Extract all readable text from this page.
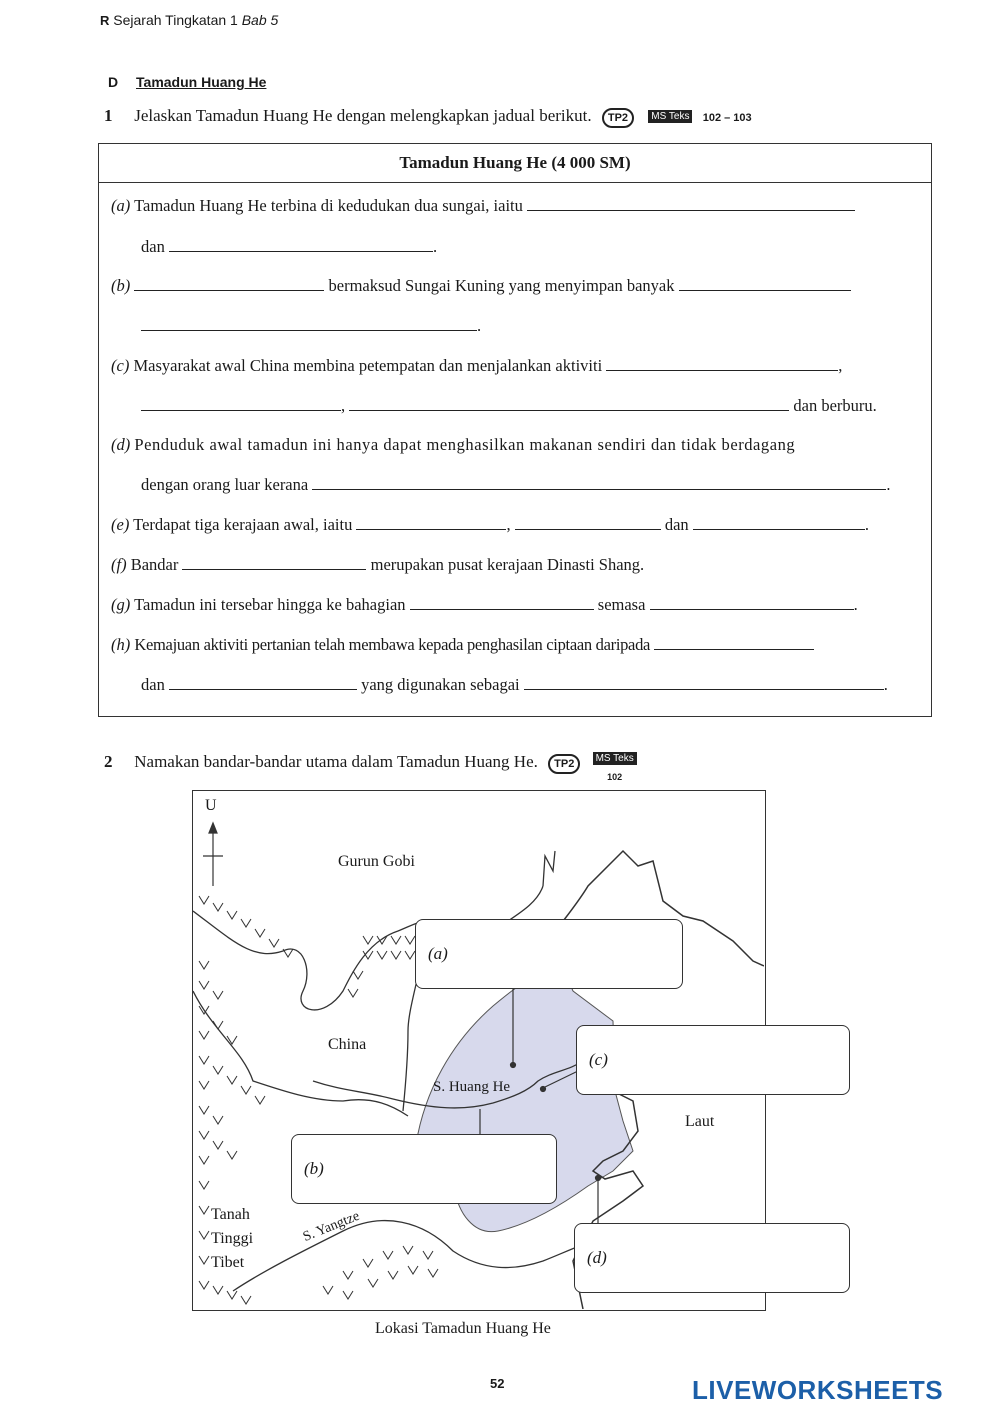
R Sejarah Tingkatan 1 Bab 5
D Tamadun Huang He
1 Jelaskan Tamadun Huang He dengan melengkapkan jadual berikut. TP2 MS Teks 102 – 103
Tamadun Huang He (4 000 SM)
(a) Tamadun Huang He terbina di kedudukan dua sungai, iaitu
dan	.
(b)	bermaksud Sungai Kuning yang menyimpan banyak
.
(c) Masyarakat awal China membina petempatan dan menjalankan aktiviti	,
,	dan berburu.
(d) Penduduk awal tamadun ini hanya dapat menghasilkan makanan sendiri dan tidak berdagang
dengan orang luar kerana	.
(e) Terdapat tiga kerajaan awal, iaitu	,	dan	.
(f) Bandar	merupakan pusat kerajaan Dinasti Shang.
(g) Tamadun ini tersebar hingga ke bahagian	semasa	.
(h) Kemajuan aktiviti pertanian telah membawa kepada penghasilan ciptaan daripada
dan	yang digunakan sebagai	.
2 Namakan bandar-bandar utama dalam Tamadun Huang He. TP2	MS Teks
102
U
Gurun Gobi
China
S. Huang He
Laut
Tanah
Tinggi
Tibet
S. Yangtze
(a)
(c)
(b)
(d)
Lokasi Tamadun Huang He
52	LIVEWORKSHEETS
